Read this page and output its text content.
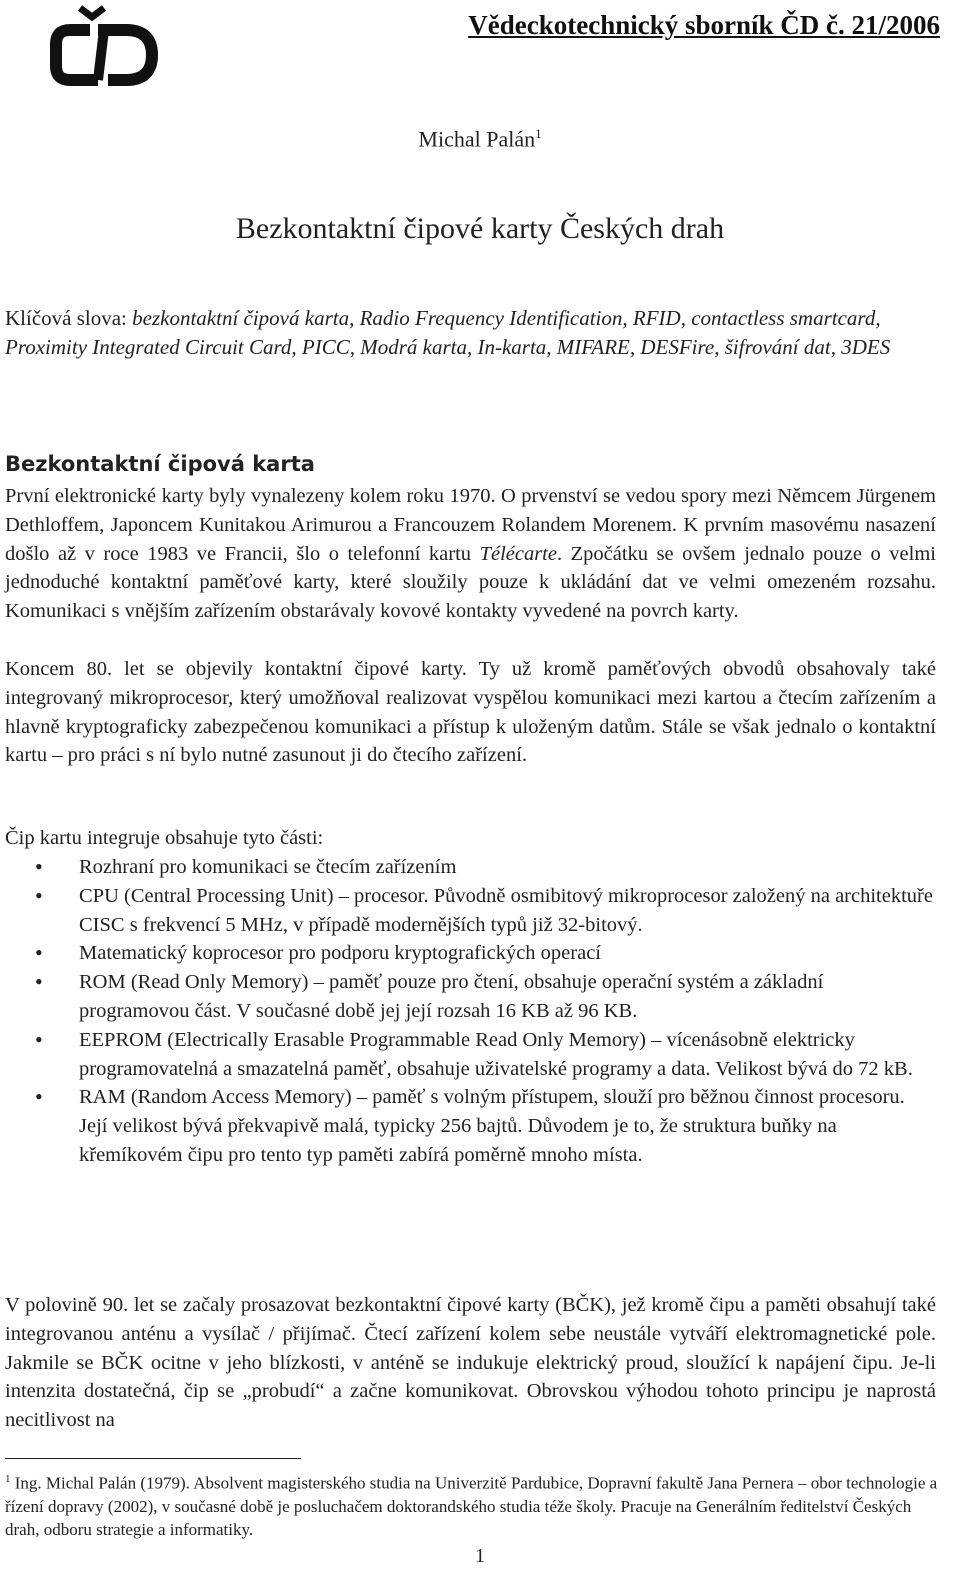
Vědeckotechnický sborník ČD č. 21/2006
Michal Palán$^1$
Bezkontaktní čipové karty Českých drah
Klíčová slova: bezkontaktní čipová karta, Radio Frequency Identification, RFID, contactless smartcard, Proximity Integrated Circuit Card, PICC, Modrá karta, In-karta, MIFARE, DESFire, šifrování dat, 3DES
Bezkontaktní čipová karta
První elektronické karty byly vynalezeny kolem roku 1970. O prvenství se vedou spory mezi Němcem Jürgenem Dethloffem, Japoncem Kunitakou Arimurou a Francouzem Rolandem Morenem. K prvním masovému nasazení došlo až v roce 1983 ve Francii, šlo o telefonní kartu Télécarte. Zpočátku se ovšem jednalo pouze o velmi jednoduché kontaktní paměťové karty, které sloužily pouze k ukládání dat ve velmi omezeném rozsahu. Komunikaci s vnějším zařízením obstarávaly kovové kontakty vyvedené na povrch karty.
Koncem 80. let se objevily kontaktní čipové karty. Ty už kromě paměťových obvodů obsahovaly také integrovaný mikroprocesor, který umožňoval realizovat vyspělou komunikaci mezi kartou a čtecím zařízením a hlavně kryptograficky zabezpečenou komunikaci a přístup k uloženým datům. Stále se však jednalo o kontaktní kartu – pro práci s ní bylo nutné zasunout ji do čtecího zařízení.
Čip kartu integruje obsahuje tyto části:
• Rozhraní pro komunikaci se čtecím zařízením
• CPU (Central Processing Unit) – procesor. Původně osmibitový mikroprocesor založený na architektuře CISC s frekvencí 5 MHz, v případě modernějších typů již 32-bitový.
• Matematický koprocesor pro podporu kryptografických operací
• ROM (Read Only Memory) – paměť pouze pro čtení, obsahuje operační systém a základní programovou část. V současné době jej její rozsah 16 KB až 96 KB.
• EEPROM (Electrically Erasable Programmable Read Only Memory) – vícenásobně elektricky programovatelná a smazatelná paměť, obsahuje uživatelské programy a data. Velikost bývá do 72 kB.
• RAM (Random Access Memory) – paměť s volným přístupem, slouží pro běžnou činnost procesoru. Její velikost bývá překvapivě malá, typicky 256 bajtů. Důvodem je to, že struktura buňky na křemíkovém čipu pro tento typ paměti zabírá poměrně mnoho místa.
V polovině 90. let se začaly prosazovat bezkontaktní čipové karty (BČK), jež kromě čipu a paměti obsahují také integrovanou anténu a vysílač / přijímač. Čtecí zařízení kolem sebe neustále vytváří elektromagnetické pole. Jakmile se BČK ocitne v jeho blízkosti, v anténě se indukuje elektrický proud, sloužící k napájení čipu. Je-li intenzita dostatečná, čip se „probudí“ a začne komunikovat. Obrovskou výhodou tohoto principu je naprostá necitlivost na
$^1$ Ing. Michal Palán (1979). Absolvent magisterského studia na Univerzitě Pardubice, Dopravní fakultě Jana Pernera – obor technologie a řízení dopravy (2002), v současné době je posluchačem doktorandského studia téže školy. Pracuje na Generálním ředitelství Českých drah, odboru strategie a informatiky.
1
